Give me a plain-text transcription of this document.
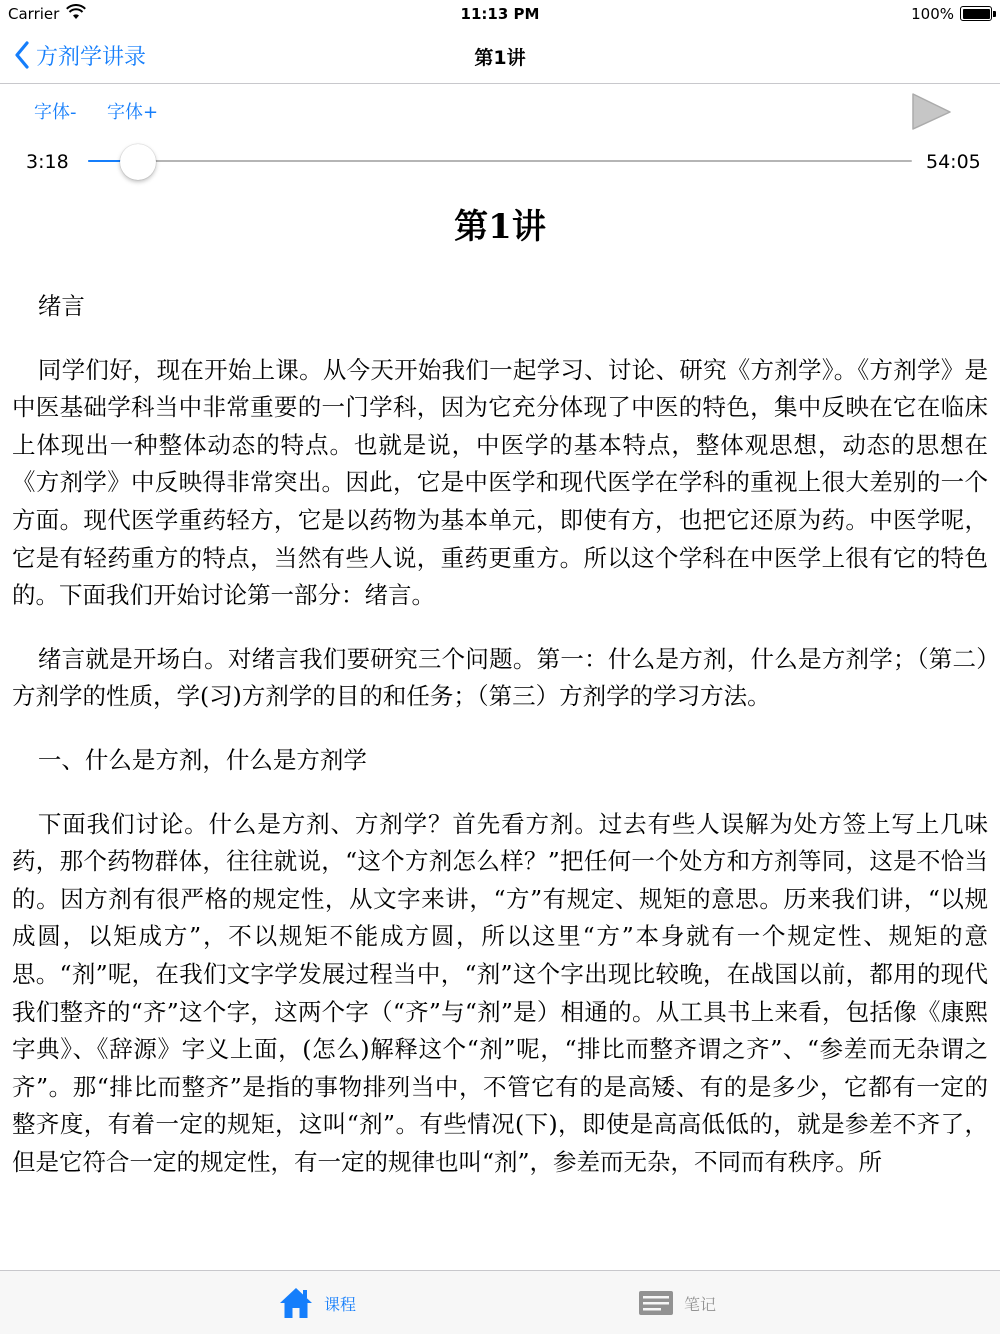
Carrier	11:13 PM	100%
方剂学讲录	第1讲
字体- 字体+
3:18	54:05
第1讲

绪言

同学们好，现在开始上课。从今天开始我们一起学习、讨论、研究《方剂学》。《方剂学》是中医基础学科当中非常重要的一门学科，因为它充分体现了中医的特色，集中反映在它在临床上体现出一种整体动态的特点。也就是说，中医学的基本特点，整体观思想，动态的思想在《方剂学》中反映得非常突出。因此，它是中医学和现代医学在学科的重视上很大差别的一个方面。现代医学重药轻方，它是以药物为基本单元，即使有方，也把它还原为药。中医学呢，它是有轻药重方的特点，当然有些人说，重药更重方。所以这个学科在中医学上很有它的特色的。下面我们开始讨论第一部分：绪言。

绪言就是开场白。对绪言我们要研究三个问题。第一：什么是方剂，什么是方剂学；（第二）方剂学的性质，学(习)方剂学的目的和任务；（第三）方剂学的学习方法。

一、什么是方剂，什么是方剂学

下面我们讨论。什么是方剂、方剂学？首先看方剂。过去有些人误解为处方签上写上几味药，那个药物群体，往往就说，“这个方剂怎么样？”把任何一个处方和方剂等同，这是不恰当的。因方剂有很严格的规定性，从文字来讲，“方”有规定、规矩的意思。历来我们讲，“以规成圆，以矩成方”，不以规矩不能成方圆，所以这里“方”本身就有一个规定性、规矩的意思。“剂”呢，在我们文字学发展过程当中，“剂”这个字出现比较晚，在战国以前，都用的现代我们整齐的“齐”这个字，这两个字（“齐”与“剂”是）相通的。从工具书上来看，包括像《康熙字典》、《辞源》字义上面，(怎么)解释这个“剂”呢，“排比而整齐谓之齐”、“参差而无杂谓之齐”。那“排比而整齐”是指的事物排列当中，不管它有的是高矮、有的是多少，它都有一定的整齐度，有着一定的规矩，这叫“剂”。有些情况(下)，即使是高高低低的，就是参差不齐了，但是它符合一定的规定性，有一定的规律也叫“剂”，参差而无杂，不同而有秩序。所

课程	笔记
